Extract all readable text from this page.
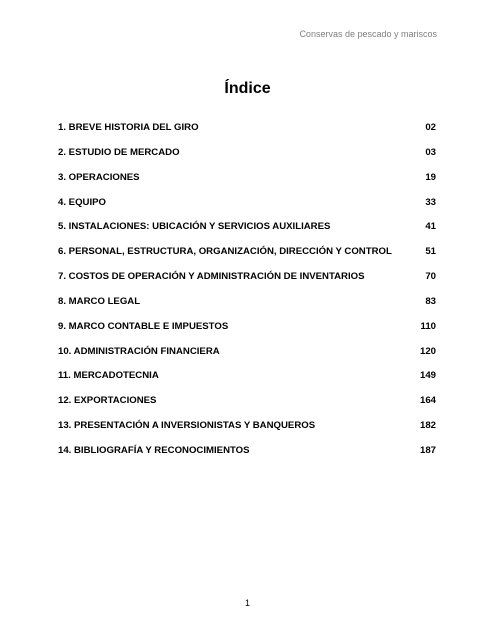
Conservas de pescado y mariscos
Índice
1. BREVE HISTORIA DEL GIRO	02
2. ESTUDIO DE MERCADO	03
3. OPERACIONES	19
4. EQUIPO	33
5. INSTALACIONES: UBICACIÓN Y SERVICIOS AUXILIARES	41
6. PERSONAL, ESTRUCTURA, ORGANIZACIÓN, DIRECCIÓN Y CONTROL	51
7. COSTOS DE OPERACIÓN Y ADMINISTRACIÓN DE INVENTARIOS	70
8. MARCO LEGAL	83
9. MARCO CONTABLE E IMPUESTOS	110
10. ADMINISTRACIÓN FINANCIERA	120
11. MERCADOTECNIA	149
12. EXPORTACIONES	164
13. PRESENTACIÓN A INVERSIONISTAS Y BANQUEROS	182
14. BIBLIOGRAFÍA Y RECONOCIMIENTOS	187
1
